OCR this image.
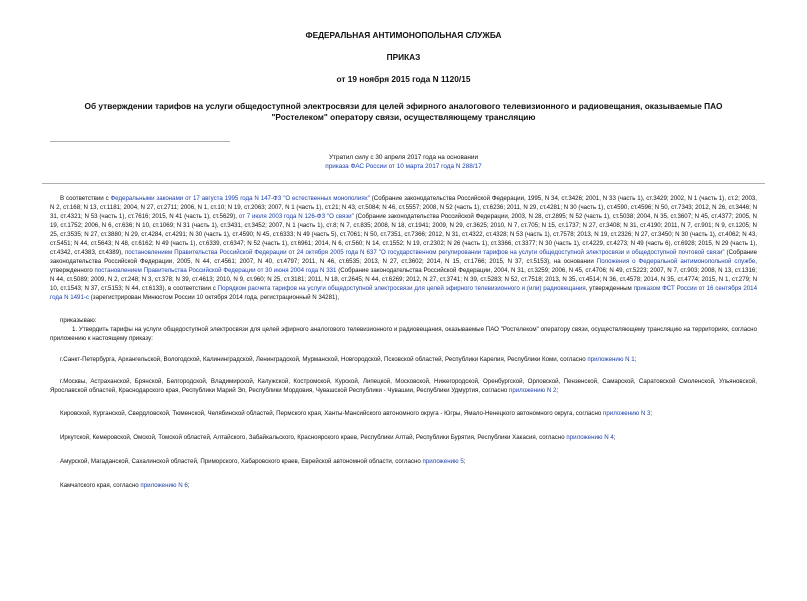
ФЕДЕРАЛЬНАЯ АНТИМОНОПОЛЬНАЯ СЛУЖБА
ПРИКАЗ
от 19 ноября 2015 года N 1120/15
Об утверждении тарифов на услуги общедоступной электросвязи для целей эфирного аналогового телевизионного и радиовещания, оказываемые ПАО "Ростелеком" оператору связи, осуществляющему трансляцию
Утратил силу с 30 апреля 2017 года на основании
приказа ФАС России от 10 марта 2017 года N 288/17

В соответствии с Федеральными законами от 17 августа 1995 года N 147-ФЗ "О естественных монополиях" (Собрание законодательства Российской Федерации, 1995, N 34, ст.3426; 2001, N 33 (часть 1), ст.3429; 2002, N 1 (часть 1), ст.2; 2003, N 2, ст.168; N 13, ст.1181; 2004, N 27, ст.2711; 2006, N 1, ст.10; N 19, ст.2063; 2007, N 1 (часть 1), ст.21; N 43, ст.5084; N 46, ст.5557; 2008, N 52 (часть 1), ст.6236; 2011, N 29, ст.4281; N 30 (часть 1), ст.4590, ст.4596; N 50, ст.7343; 2012, N 26, ст.3446; N 31, ст.4321; N 53 (часть 1), ст.7616; 2015, N 41 (часть 1), ст.5629), от 7 июля 2003 года N 126-ФЗ "О связи" (Собрание законодательства Российской Федерации, 2003, N 28, ст.2895; N 52 (часть 1), ст.5038; 2004, N 35, ст.3607; N 45, ст.4377; 2005, N 19, ст.1752; 2006, N 6, ст.636; N 10, ст.1069; N 31 (часть 1), ст.3431, ст.3452; 2007, N 1 (часть 1), ст.8; N 7, ст.835; 2008, N 18, ст.1941; 2009, N 29, ст.3625; 2010, N 7, ст.705; N 15, ст.1737; N 27, ст.3408; N 31, ст.4190; 2011, N 7, ст.901; N 9, ст.1205; N 25, ст.3535; N 27, ст.3880; N 29, ст.4284, ст.4291; N 30 (часть 1), ст.4590; N 45, ст.6333; N 49 (часть 5), ст.7061; N 50, ст.7351, ст.7366; 2012, N 31, ст.4322, ст.4328; N 53 (часть 1), ст.7578; 2013, N 19, ст.2326; N 27, ст.3450; N 30 (часть 1), ст.4062; N 43, ст.5451; N 44, ст.5643; N 48, ст.6162; N 49 (часть 1), ст.6339, ст.6347; N 52 (часть 1), ст.6961; 2014, N 6, ст.560; N 14, ст.1552; N 19, ст.2302; N 26 (часть 1), ст.3366, ст.3377; N 30 (часть 1), ст.4229, ст.4273; N 49 (часть 6), ст.6928; 2015, N 29 (часть 1), ст.4342, ст.4383, ст.4389), постановлением Правительства Российской Федерации от 24 октября 2005 года N 637 "О государственном регулировании тарифов на услуги общедоступной электросвязи и общедоступной почтовой связи" (Собрание законодательства Российской Федерации, 2005, N 44, ст.4561; 2007, N 40, ст.4797; 2011, N 46, ст.6535; 2013, N 27, ст.3602; 2014, N 15, ст.1766; 2015, N 37, ст.5153), на основании Положения о Федеральной антимонопольной службе, утвержденного постановлением Правительства Российской Федерации от 30 июня 2004 года N 331 (Собрание законодательства Российской Федерации, 2004, N 31, ст.3259; 2006, N 45, ст.4706; N 49, ст.5223; 2007, N 7, ст.903; 2008, N 13, ст.1316; N 44, ст.5089; 2009, N 2, ст.248; N 3, ст.378; N 39, ст.4613; 2010, N 9, ст.960; N 25, ст.3181; 2011, N 18, ст.2645; N 44, ст.6269; 2012, N 27, ст.3741; N 39, ст.5283; N 52, ст.7518; 2013, N 35, ст.4514; N 36, ст.4578; 2014, N 35, ст.4774; 2015, N 1, ст.279; N 10, ст.1543; N 37, ст.5153; N 44, ст.6133), в соответствии с Порядком расчета тарифов на услуги общедоступной электросвязи для целей эфирного телевизионного и (или) радиовещания, утвержденным приказом ФСТ России от 16 сентября 2014 года N 1491-с (зарегистрирован Минюстом России 10 октября 2014 года, регистрационный N 34281),

приказываю:

1. Утвердить тарифы на услуги общедоступной электросвязи для целей эфирного аналогового телевизионного и радиовещания, оказываемые ПАО "Ростелеком" оператору связи, осуществляющему трансляцию на территориях, согласно приложению к настоящему приказу:

г.Санкт-Петербурга, Архангельской, Вологодской, Калининградской, Ленинградской, Мурманской, Новгородской, Псковской областей, Республики Карелия, Республики Коми, согласно приложению N 1;

г.Москвы, Астраханской, Брянской, Белгородской, Владимирской, Калужской, Костромской, Курской, Липецкой, Московской, Нижегородской, Оренбургской, Орловской, Пензенской, Самарской, Саратовской Смоленской, Ульяновской, Ярославской областей, Краснодарского края, Республики Марий Эл, Республики Мордовия, Чувашской Республики - Чувашии, Республики Удмуртия, согласно приложению N 2;

Кировской, Курганской, Свердловской, Тюменской, Челябинской областей, Пермского края, Ханты-Мансийского автономного округа - Югры, Ямало-Ненецкого автономного округа, согласно приложению N 3;

Иркутской, Кемеровской, Омской, Томской областей, Алтайского, Забайкальского, Красноярского краев, Республики Алтай, Республики Бурятия, Республики Хакасия, согласно приложению N 4;

Амурской, Магаданской, Сахалинской областей, Приморского, Хабаровского краев, Еврейской автономной области, согласно приложению 5;

Камчатского края, согласно приложению N 6;
